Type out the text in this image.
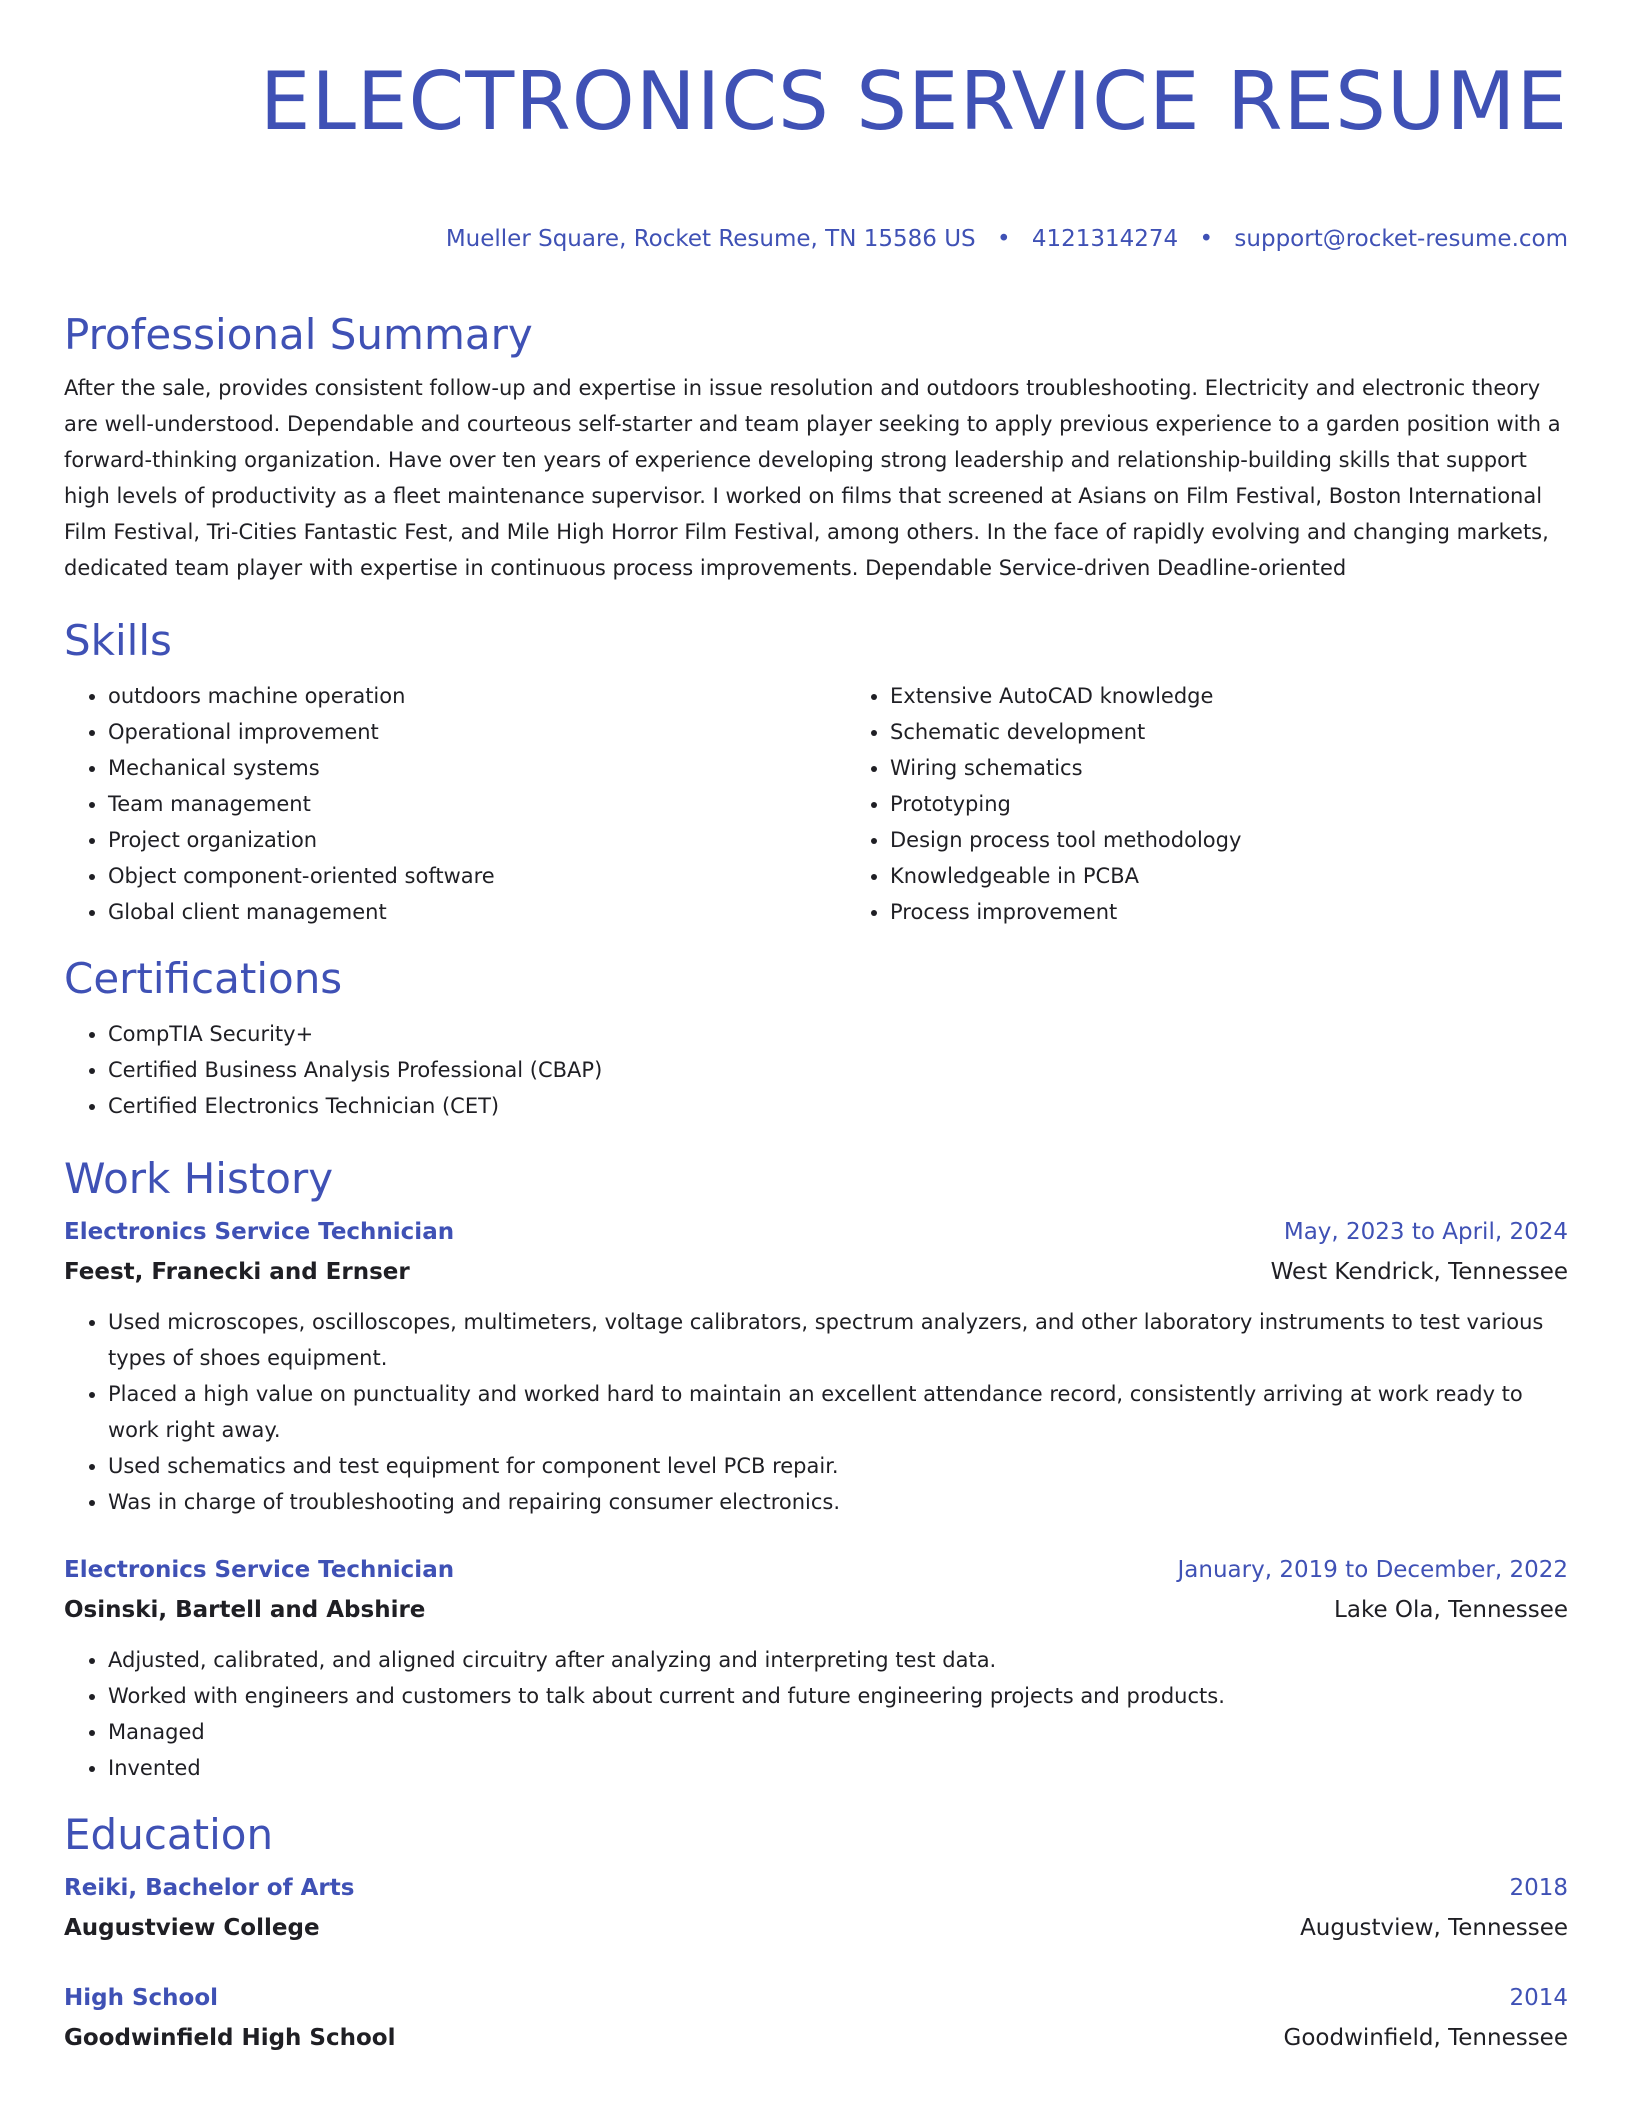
ELECTRONICS SERVICE RESUME
Mueller Square, Rocket Resume, TN 15586 US • 4121314274 • support@rocket-resume.com
Professional Summary

After the sale, provides consistent follow-up and expertise in issue resolution and outdoors troubleshooting. Electricity and electronic theory are well-understood. Dependable and courteous self-starter and team player seeking to apply previous experience to a garden position with a forward-thinking organization. Have over ten years of experience developing strong leadership and relationship-building skills that support high levels of productivity as a fleet maintenance supervisor. I worked on films that screened at Asians on Film Festival, Boston International Film Festival, Tri-Cities Fantastic Fest, and Mile High Horror Film Festival, among others. In the face of rapidly evolving and changing markets, dedicated team player with expertise in continuous process improvements. Dependable Service-driven Deadline-oriented

Skills
• outdoors machine operation
• Operational improvement
• Mechanical systems
• Team management
• Project organization
• Object component-oriented software
• Global client management
• Extensive AutoCAD knowledge
• Schematic development
• Wiring schematics
• Prototyping
• Design process tool methodology
• Knowledgeable in PCBA
• Process improvement
Certifications
• CompTIA Security+
• Certified Business Analysis Professional (CBAP)
• Certified Electronics Technician (CET)
Work History
Electronics Service Technician	May, 2023 to April, 2024
Feest, Franecki and Ernser	West Kendrick, Tennessee
• Used microscopes, oscilloscopes, multimeters, voltage calibrators, spectrum analyzers, and other laboratory instruments to test various types of shoes equipment.
• Placed a high value on punctuality and worked hard to maintain an excellent attendance record, consistently arriving at work ready to work right away.
• Used schematics and test equipment for component level PCB repair.
• Was in charge of troubleshooting and repairing consumer electronics.
Electronics Service Technician	January, 2019 to December, 2022
Osinski, Bartell and Abshire	Lake Ola, Tennessee
• Adjusted, calibrated, and aligned circuitry after analyzing and interpreting test data.
• Worked with engineers and customers to talk about current and future engineering projects and products.
• Managed
• Invented
Education
Reiki, Bachelor of Arts	2018
Augustview College	Augustview, Tennessee
High School	2014
Goodwinfield High School	Goodwinfield, Tennessee
